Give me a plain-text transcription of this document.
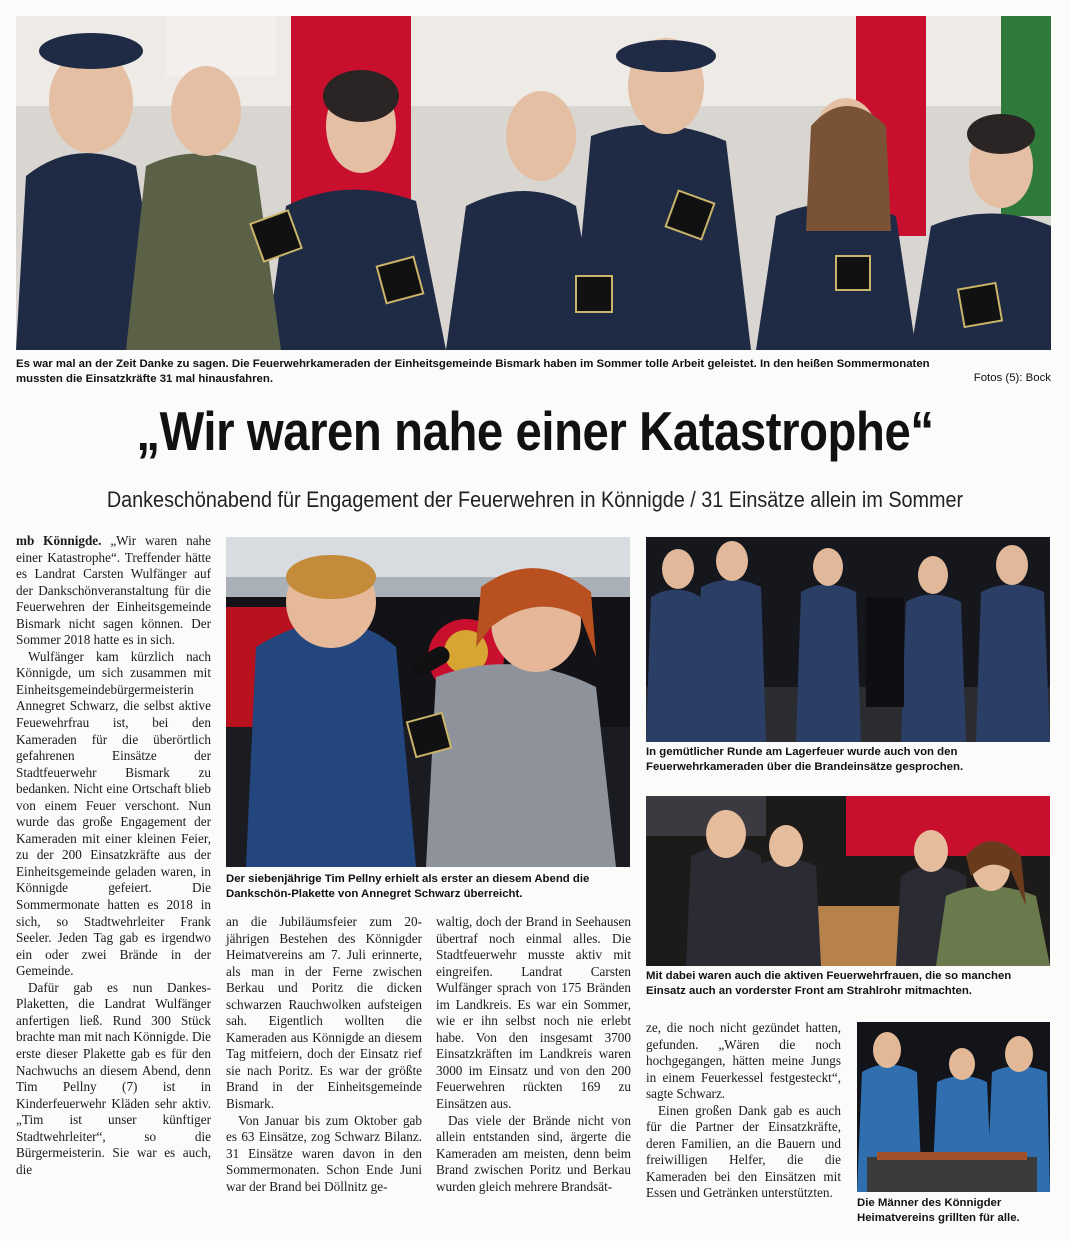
Es war mal an der Zeit Danke zu sagen. Die Feuerwehrkameraden der Einheitsgemeinde Bismark haben im Sommer tolle Arbeit geleistet. In den heißen Sommermonaten mussten die Einsatzkräfte 31 mal hinausfahren.	Fotos (5): Bock
„Wir waren nahe einer Katastrophe“
Dankeschönabend für Engagement der Feuerwehren in Könnigde / 31 Einsätze allein im Sommer

mb Könnigde. „Wir waren nahe einer Katastrophe“. Treffender hätte es Landrat Carsten Wulfänger auf der Dankschönveranstaltung für die Feuerwehren der Einheitsgemeinde Bismark nicht sagen können. Der Sommer 2018 hatte es in sich.

Wulfänger kam kürzlich nach Könnigde, um sich zusammen mit Einheitsgemeindebürgermeisterin Annegret Schwarz, die selbst aktive Feuewehrfrau ist, bei den Kameraden für die überörtlich gefahrenen Einsätze der Stadtfeuerwehr Bismark zu bedanken. Nicht eine Ortschaft blieb von einem Feuer verschont. Nun wurde das große Engagement der Kameraden mit einer kleinen Feier, zu der 200 Einsatzkräfte aus der Einheitsgemeinde geladen waren, in Könnigde gefeiert. Die Sommermonate hatten es 2018 in sich, so Stadtwehrleiter Frank Seeler. Jeden Tag gab es irgendwo ein oder zwei Brände in der Gemeinde.

Dafür gab es nun Dankes-Plaketten, die Landrat Wulfänger anfertigen ließ. Rund 300 Stück brachte man mit nach Könnigde. Die erste dieser Plakette gab es für den Nachwuchs an diesem Abend, denn Tim Pellny (7) ist in Kinderfeuerwehr Kläden sehr aktiv. „Tim ist unser künftiger Stadtwehrleiter“, so die Bürgermeisterin. Sie war es auch, die

Der siebenjährige Tim Pellny erhielt als erster an diesem Abend die Dankschön-Plakette von Annegret Schwarz überreicht.

an die Jubiläumsfeier zum 20-jährigen Bestehen des Könnigder Heimatvereins am 7. Juli erinnerte, als man in der Ferne zwischen Berkau und Poritz die dicken schwarzen Rauchwolken aufsteigen sah. Eigentlich wollten die Kameraden aus Könnigde an diesem Tag mitfeiern, doch der Einsatz rief sie nach Poritz. Es war der größte Brand in der Einheitsgemeinde Bismark.

Von Januar bis zum Oktober gab es 63 Einsätze, zog Schwarz Bilanz. 31 Einsätze waren davon in den Sommermonaten. Schon Ende Juni war der Brand bei Döllnitz ge-

waltig, doch der Brand in Seehausen übertraf noch einmal alles. Die Stadtfeuerwehr musste aktiv mit eingreifen. Landrat Carsten Wulfänger sprach von 175 Bränden im Landkreis. Es war ein Sommer, wie er ihn selbst noch nie erlebt habe. Von den insgesamt 3700 Einsatzkräften im Landkreis waren 3000 im Einsatz und von den 200 Feuerwehren rückten 169 zu Einsätzen aus.

Das viele der Brände nicht von allein entstanden sind, ärgerte die Kameraden am meisten, denn beim Brand zwischen Poritz und Berkau wurden gleich mehrere Brandsät-

In gemütlicher Runde am Lagerfeuer wurde auch von den Feuerwehrkameraden über die Brandeinsätze gesprochen.
Mit dabei waren auch die aktiven Feuerwehrfrauen, die so manchen Einsatz auch an vorderster Front am Strahlrohr mitmachten.

ze, die noch nicht gezündet hatten, gefunden. „Wären die noch hochgegangen, hätten meine Jungs in einem Feuerkessel festgesteckt“, sagte Schwarz.

Einen großen Dank gab es auch für die Partner der Einsatzkräfte, deren Familien, an die Bauern und freiwilligen Helfer, die die Kameraden bei den Einsätzen mit Essen und Getränken unterstützten.

Die Männer des Könnigder Heimatvereins grillten für alle.
